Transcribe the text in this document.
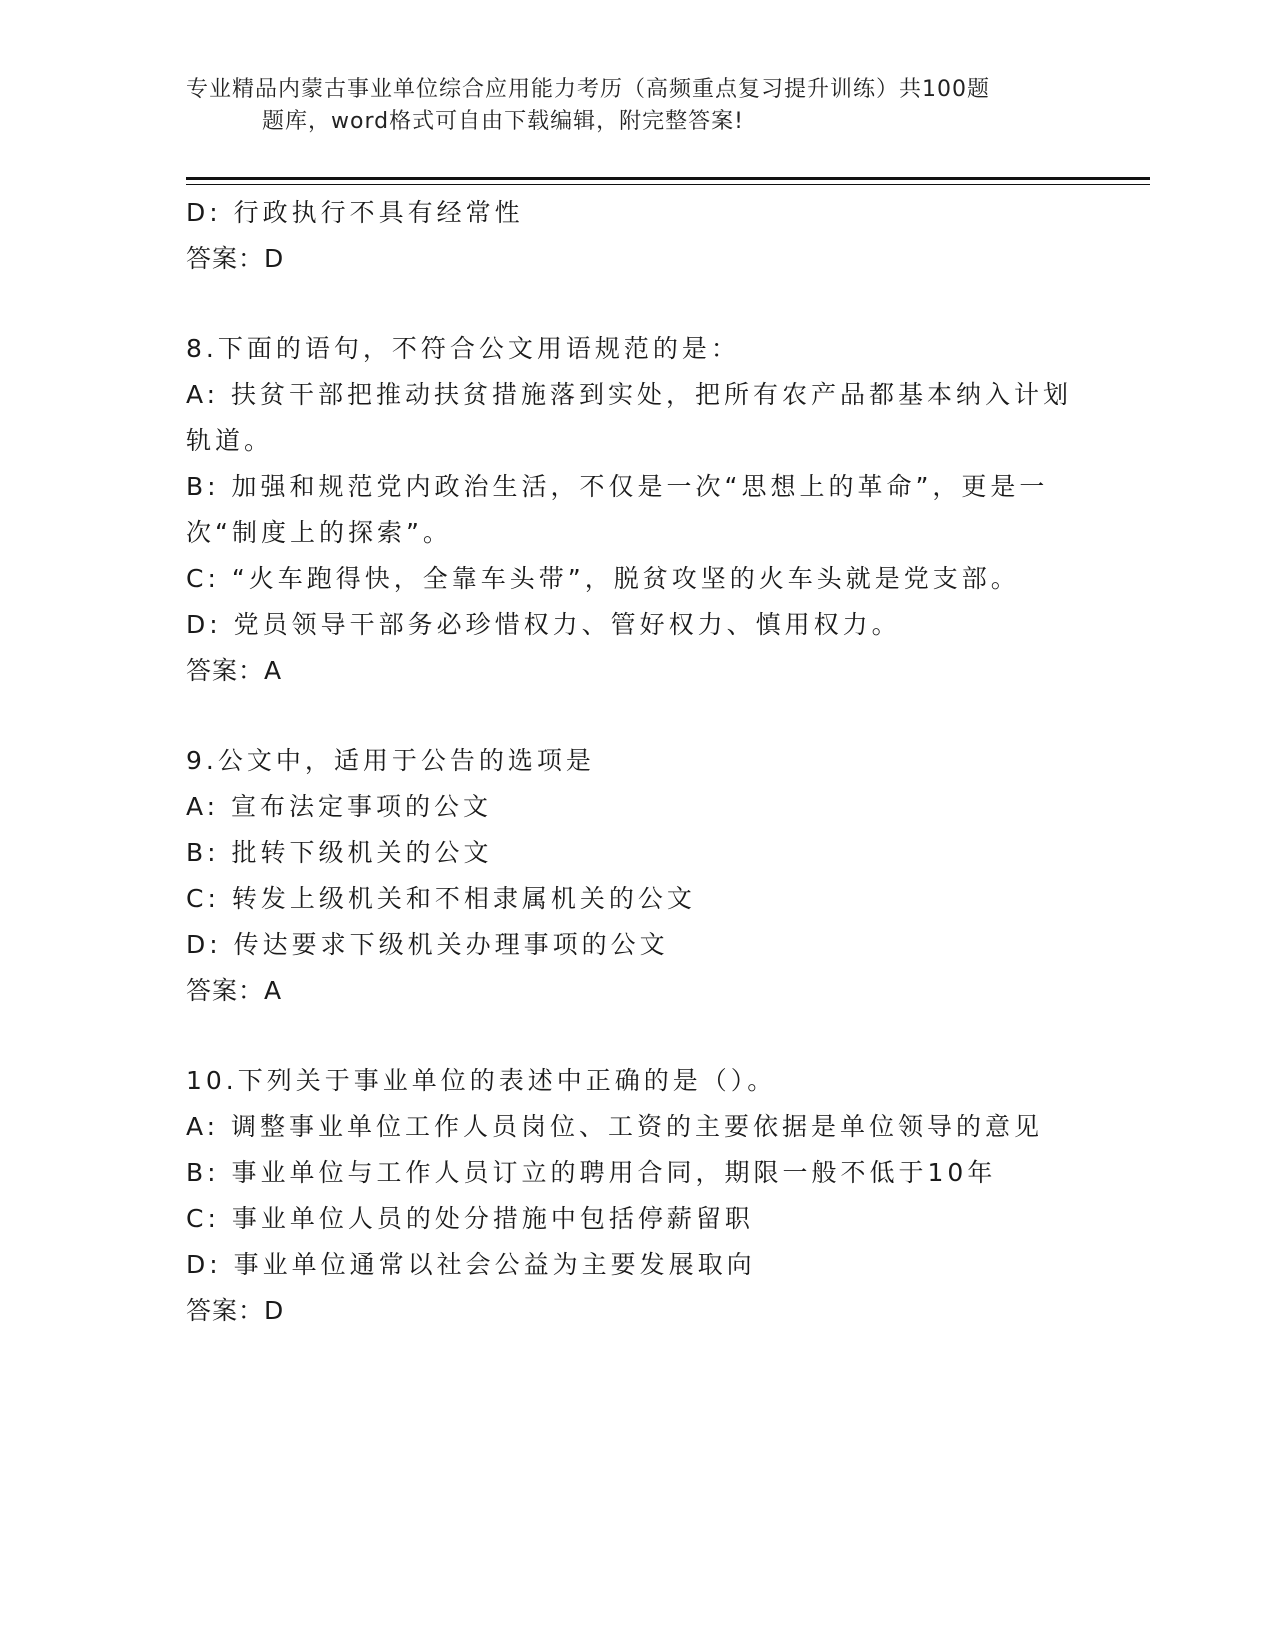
专业精品内蒙古事业单位综合应用能力考历（高频重点复习提升训练）共100题
题库，word格式可自由下载编辑，附完整答案!

D: 行政执行不具有经常性

答案：D

8.下面的语句，不符合公文用语规范的是：

A: 扶贫干部把推动扶贫措施落到实处，把所有农产品都基本纳入计划

轨道。

B: 加强和规范党内政治生活，不仅是一次“思想上的革命”，更是一

次“制度上的探索”。

C: “火车跑得快，全靠车头带”，脱贫攻坚的火车头就是党支部。

D: 党员领导干部务必珍惜权力、管好权力、慎用权力。

答案：A

9.公文中，适用于公告的选项是

A: 宣布法定事项的公文

B: 批转下级机关的公文

C: 转发上级机关和不相隶属机关的公文

D: 传达要求下级机关办理事项的公文

答案：A

10.下列关于事业单位的表述中正确的是（）。

A: 调整事业单位工作人员岗位、工资的主要依据是单位领导的意见

B: 事业单位与工作人员订立的聘用合同，期限一般不低于10年

C: 事业单位人员的处分措施中包括停薪留职

D: 事业单位通常以社会公益为主要发展取向

答案：D
